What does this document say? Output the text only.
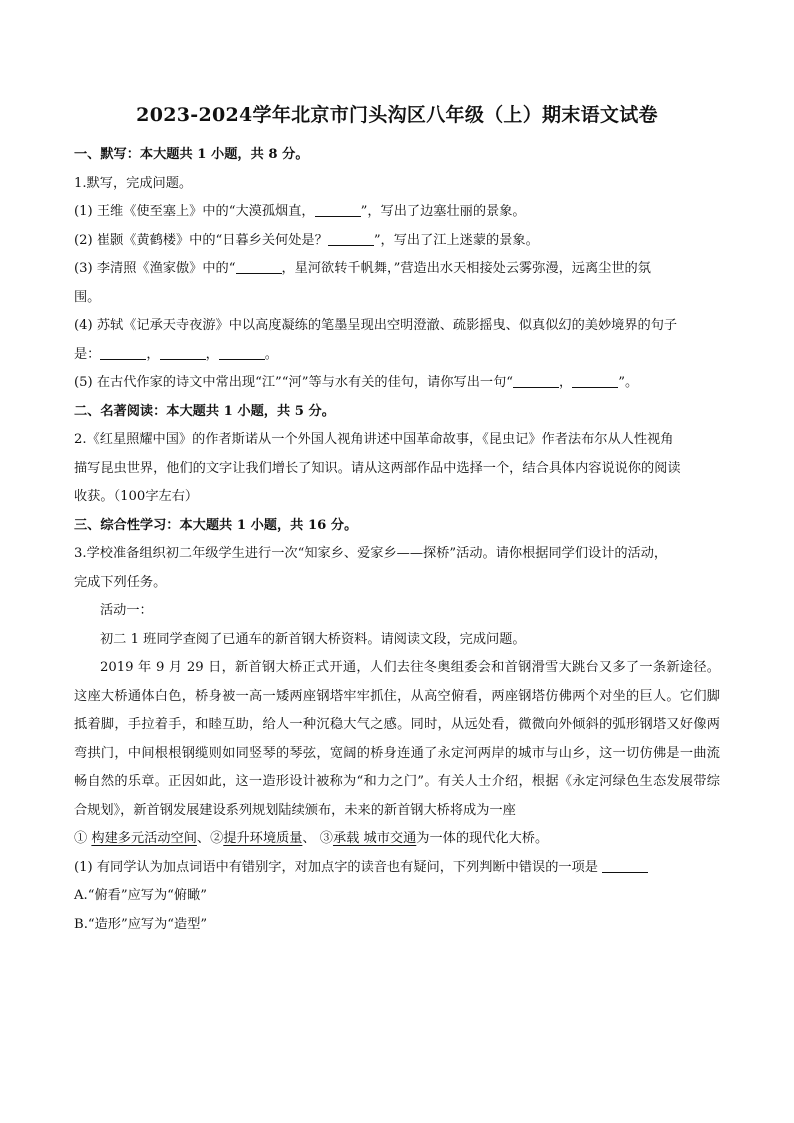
2023-2024学年北京市门头沟区八年级（上）期末语文试卷

一、默写：本大题共 1 小题，共 8 分。

1.默写，完成问题。

(1) 王维《使至塞上》中的“大漠孤烟直，	”，写出了边塞壮丽的景象。

(2) 崔颢《黄鹤楼》中的“日暮乡关何处是？	”，写出了江上迷蒙的景象。

(3) 李清照《渔家傲》中的“	，星河欲转千帆舞，”营造出水天相接处云雾弥漫，远离尘世的氛

围。

(4) 苏轼《记承天寺夜游》中以高度凝练的笔墨呈现出空明澄澈、疏影摇曳、似真似幻的美妙境界的句子

是：	，	，	。

(5) 在古代作家的诗文中常出现“江”“河”等与水有关的佳句，请你写出一句“	，	”。

二、名著阅读：本大题共 1 小题，共 5 分。

2.《红星照耀中国》的作者斯诺从一个外国人视角讲述中国革命故事，《昆虫记》作者法布尔从人性视角

描写昆虫世界，他们的文字让我们增长了知识。请从这两部作品中选择一个，结合具体内容说说你的阅读

收获。（100字左右）

三、综合性学习：本大题共 1 小题，共 16 分。

3.学校准备组织初二年级学生进行一次“知家乡、爱家乡——探桥”活动。请你根据同学们设计的活动，

完成下列任务。

活动一：

初二 1 班同学查阅了已通车的新首钢大桥资料。请阅读文段，完成问题。

2019 年 9 月 29 日，新首钢大桥正式开通，人们去往冬奥组委会和首钢滑雪大跳台又多了一条新途径。这座大桥通体白色，桥身被一高一矮两座钢塔牢牢抓住，从高空俯看，两座钢塔仿佛两个对坐的巨人。它们脚抵着脚，手拉着手，和睦互助，给人一种沉稳大气之感。同时，从远处看，微微向外倾斜的弧形钢塔又好像两弯拱门，中间根根钢缆则如同竖琴的琴弦，宽阔的桥身连通了永定河两岸的城市与山乡，这一切仿佛是一曲流畅自然的乐章。正因如此，这一造形设计被称为“和力之门”。有关人士介绍，根据《永定河绿色生态发展带综合规划》，新首钢发展建设系列规划陆续颁布，未来的新首钢大桥将成为一座

① 构建多元活动空间、②提升环境质量、 ③承载 城市交通为一体的现代化大桥。

(1) 有同学认为加点词语中有错别字，对加点字的读音也有疑问，下列判断中错误的一项是

A.“俯看”应写为“俯瞰”

B.“造形”应写为“造型”
